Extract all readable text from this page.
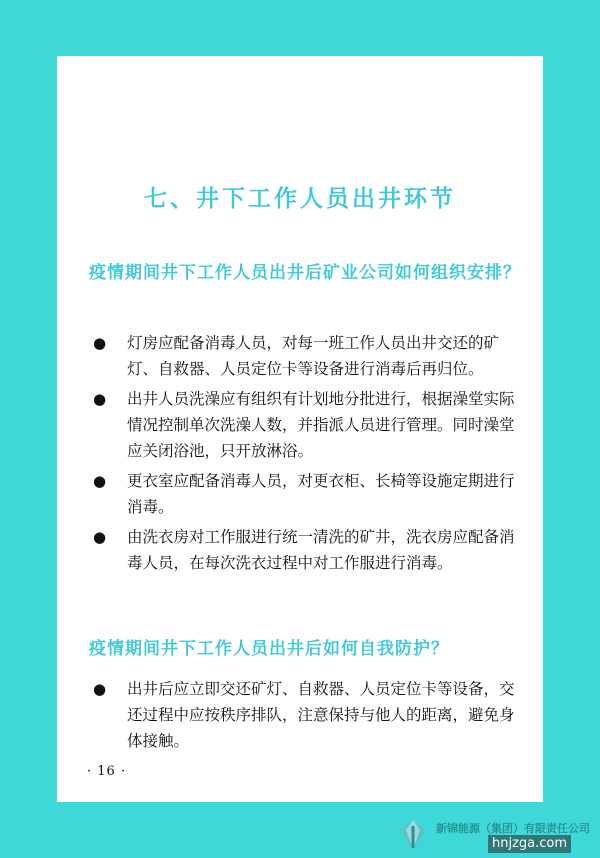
七、井下工作人员出井环节
疫情期间井下工作人员出井后矿业公司如何组织安排？
● 灯房应配备消毒人员，对每一班工作人员出井交还的矿灯、自救器、人员定位卡等设备进行消毒后再归位。
● 出井人员洗澡应有组织有计划地分批进行，根据澡堂实际情况控制单次洗澡人数，并指派人员进行管理。同时澡堂应关闭浴池，只开放淋浴。
● 更衣室应配备消毒人员，对更衣柜、长椅等设施定期进行消毒。
● 由洗衣房对工作服进行统一清洗的矿井，洗衣房应配备消毒人员，在每次洗衣过程中对工作服进行消毒。
疫情期间井下工作人员出井后如何自我防护？
● 出井后应立即交还矿灯、自救器、人员定位卡等设备，交还过程中应按秩序排队，注意保持与他人的距离，避免身体接触。
· 16 ·
新锦能源（集团）有限责任公司
hnjzga.com
